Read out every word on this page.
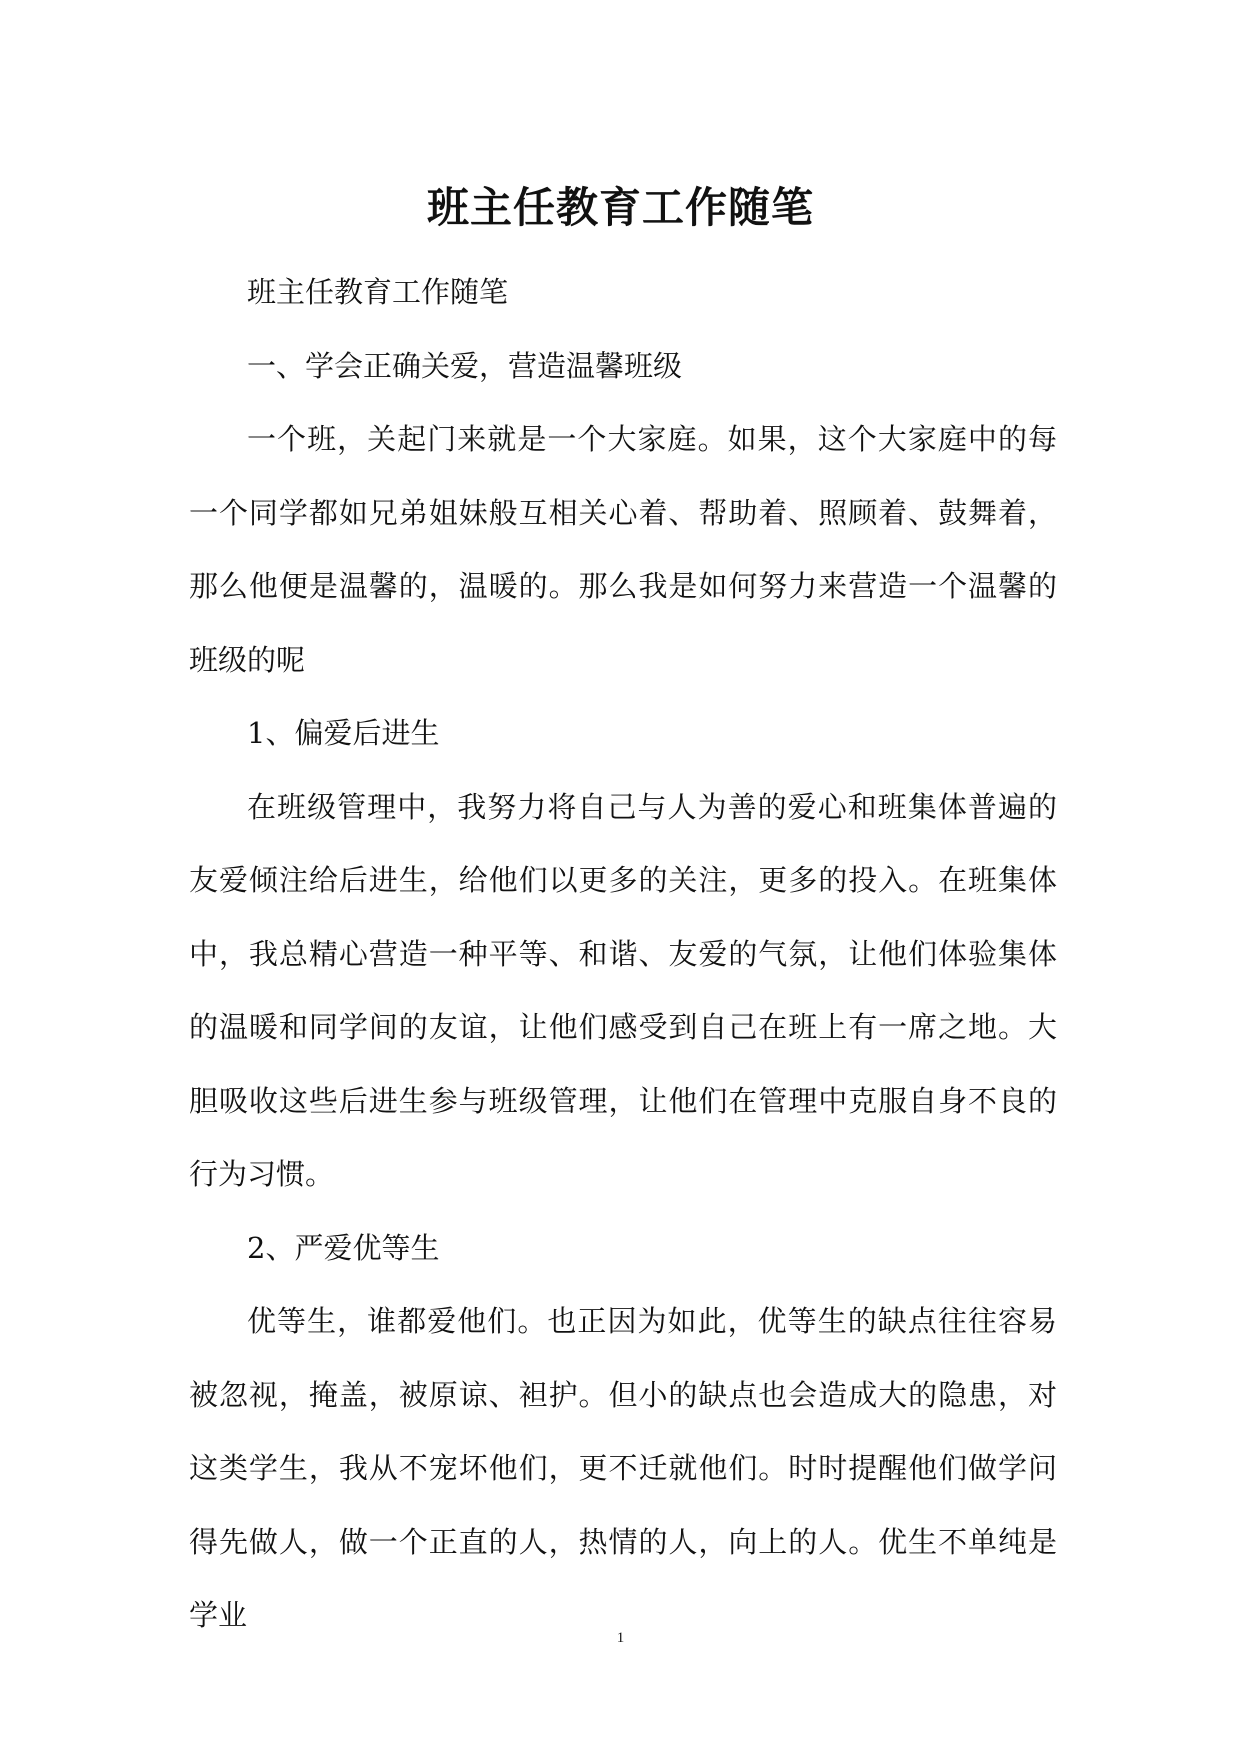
班主任教育工作随笔

班主任教育工作随笔

一、学会正确关爱，营造温馨班级

一个班，关起门来就是一个大家庭。如果，这个大家庭中的每一个同学都如兄弟姐妹般互相关心着、帮助着、照顾着、鼓舞着，那么他便是温馨的，温暖的。那么我是如何努力来营造一个温馨的班级的呢

1、偏爱后进生

在班级管理中，我努力将自己与人为善的爱心和班集体普遍的友爱倾注给后进生，给他们以更多的关注，更多的投入。在班集体中，我总精心营造一种平等、和谐、友爱的气氛，让他们体验集体的温暖和同学间的友谊，让他们感受到自己在班上有一席之地。大胆吸收这些后进生参与班级管理，让他们在管理中克服自身不良的行为习惯。

2、严爱优等生

优等生，谁都爱他们。也正因为如此，优等生的缺点往往容易被忽视，掩盖，被原谅、袒护。但小的缺点也会造成大的隐患，对这类学生，我从不宠坏他们，更不迁就他们。时时提醒他们做学问得先做人，做一个正直的人，热情的人，向上的人。优生不单纯是学业

1
